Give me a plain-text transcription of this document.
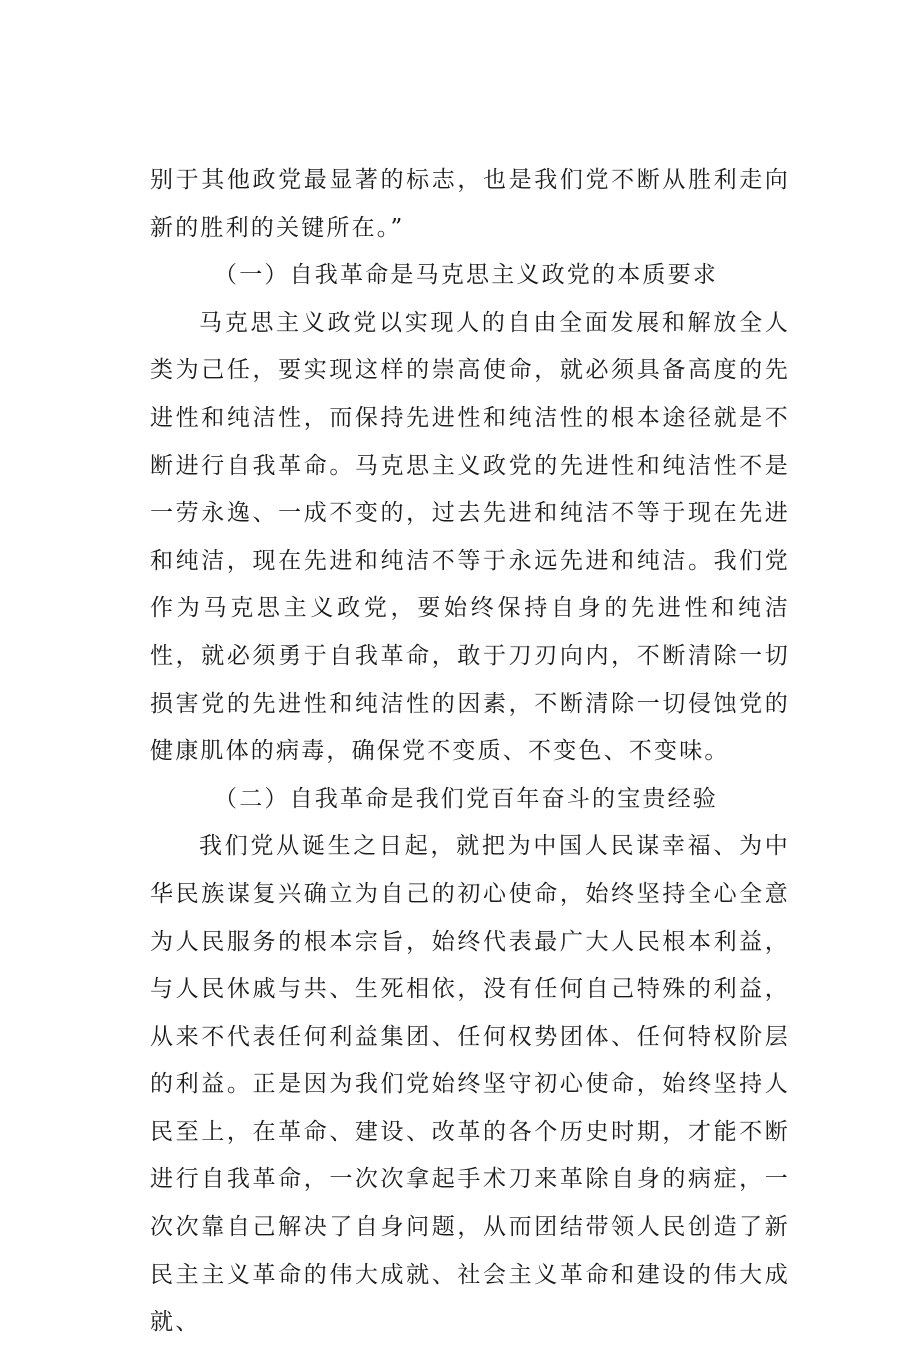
别于其他政党最显著的标志，也是我们党不断从胜利走向新的胜利的关键所在。”

（一）自我革命是马克思主义政党的本质要求

马克思主义政党以实现人的自由全面发展和解放全人类为己任，要实现这样的崇高使命，就必须具备高度的先进性和纯洁性，而保持先进性和纯洁性的根本途径就是不断进行自我革命。马克思主义政党的先进性和纯洁性不是一劳永逸、一成不变的，过去先进和纯洁不等于现在先进和纯洁，现在先进和纯洁不等于永远先进和纯洁。我们党作为马克思主义政党，要始终保持自身的先进性和纯洁性，就必须勇于自我革命，敢于刀刃向内，不断清除一切损害党的先进性和纯洁性的因素，不断清除一切侵蚀党的健康肌体的病毒，确保党不变质、不变色、不变味。

（二）自我革命是我们党百年奋斗的宝贵经验

我们党从诞生之日起，就把为中国人民谋幸福、为中华民族谋复兴确立为自己的初心使命，始终坚持全心全意为人民服务的根本宗旨，始终代表最广大人民根本利益，与人民休戚与共、生死相依，没有任何自己特殊的利益，从来不代表任何利益集团、任何权势团体、任何特权阶层的利益。正是因为我们党始终坚守初心使命，始终坚持人民至上，在革命、建设、改革的各个历史时期，才能不断进行自我革命，一次次拿起手术刀来革除自身的病症，一次次靠自己解决了自身问题，从而团结带领人民创造了新民主主义革命的伟大成就、社会主义革命和建设的伟大成就、
